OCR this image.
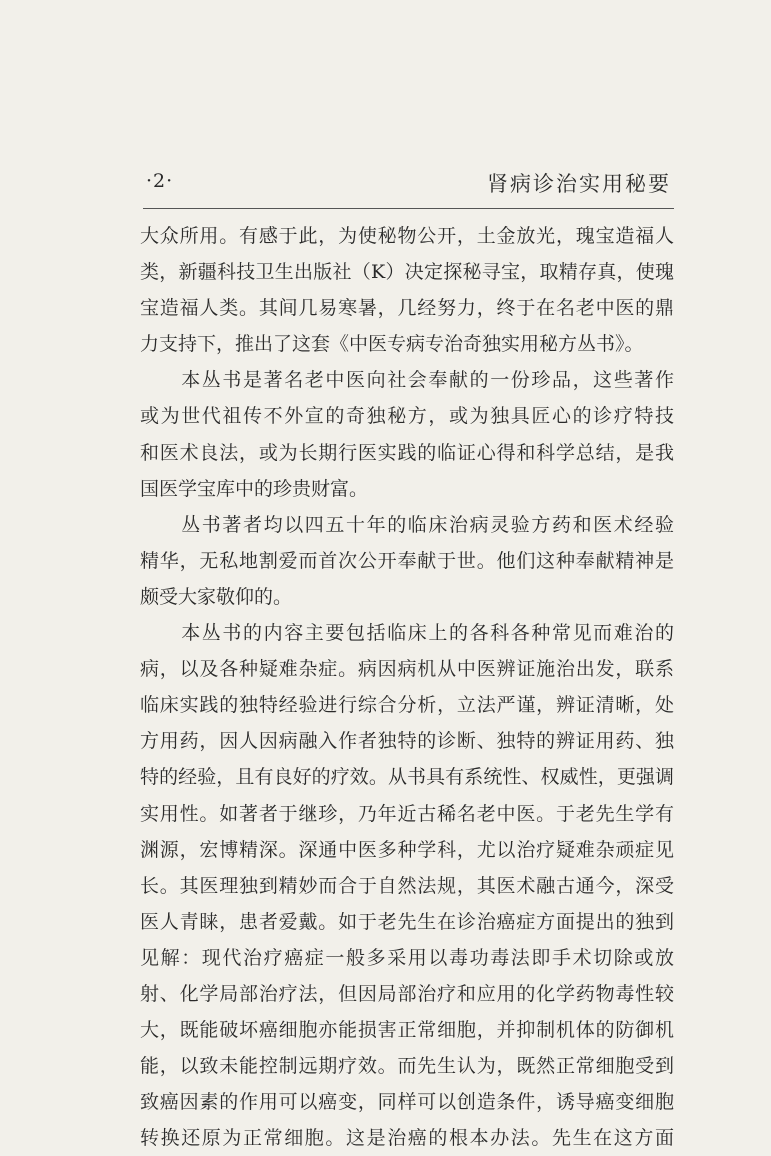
·2·	肾病诊治实用秘要
大众所用。有感于此，为使秘物公开，土金放光，瑰宝造福人
类，新疆科技卫生出版社（K）决定探秘寻宝，取精存真，使瑰
宝造福人类。其间几易寒暑，几经努力，终于在名老中医的鼎
力支持下，推出了这套《中医专病专治奇独实用秘方丛书》。
　　本丛书是著名老中医向社会奉献的一份珍品，这些著作
或为世代祖传不外宣的奇独秘方，或为独具匠心的诊疗特技
和医术良法，或为长期行医实践的临证心得和科学总结，是我
国医学宝库中的珍贵财富。
　　丛书著者均以四五十年的临床治病灵验方药和医术经验
精华，无私地割爱而首次公开奉献于世。他们这种奉献精神是
颇受大家敬仰的。
　　本丛书的内容主要包括临床上的各科各种常见而难治的
病，以及各种疑难杂症。病因病机从中医辨证施治出发，联系
临床实践的独特经验进行综合分析，立法严谨，辨证清晰，处
方用药，因人因病融入作者独特的诊断、独特的辨证用药、独
特的经验，且有良好的疗效。从书具有系统性、权威性，更强调
实用性。如著者于继珍，乃年近古稀名老中医。于老先生学有
渊源，宏博精深。深通中医多种学科，尤以治疗疑难杂顽症见
长。其医理独到精妙而合于自然法规，其医术融古通今，深受
医人青睐，患者爱戴。如于老先生在诊治癌症方面提出的独到
见解：现代治疗癌症一般多采用以毒功毒法即手术切除或放
射、化学局部治疗法，但因局部治疗和应用的化学药物毒性较
大，既能破坏癌细胞亦能损害正常细胞，并抑制机体的防御机
能，以致未能控制远期疗效。而先生认为，既然正常细胞受到
致癌因素的作用可以癌变，同样可以创造条件，诱导癌变细胞
转换还原为正常细胞。这是治癌的根本办法。先生在这方面
